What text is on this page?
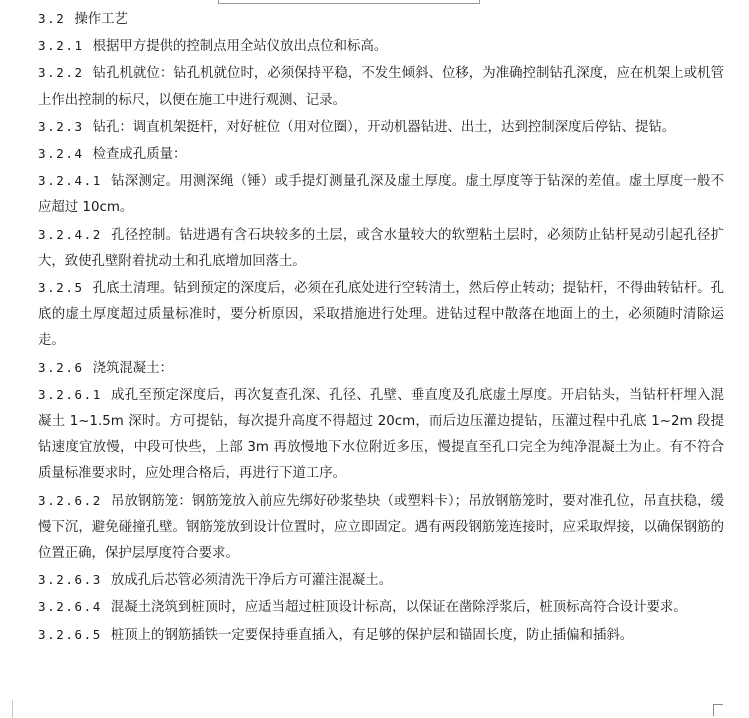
3.2 操作工艺

3.2.1 根据甲方提供的控制点用全站仪放出点位和标高。

3.2.2 钻孔机就位：钻孔机就位时，必须保持平稳，不发生倾斜、位移，为准确控制钻孔深度，应在机架上或机管上作出控制的标尺，以便在施工中进行观测、记录。

3.2.3 钻孔：调直机架挺杆，对好桩位（用对位圈），开动机器钻进、出土，达到控制深度后停钻、提钻。

3.2.4 检查成孔质量：

3.2.4.1 钻深测定。用测深绳（锤）或手提灯测量孔深及虚土厚度。虚土厚度等于钻深的差值。虚土厚度一般不应超过 10cm。

3.2.4.2 孔径控制。钻进遇有含石块较多的土层，或含水量较大的软塑粘土层时，必须防止钻杆晃动引起孔径扩大，致使孔壁附着扰动土和孔底增加回落土。

3.2.5 孔底土清理。钻到预定的深度后，必须在孔底处进行空转清土，然后停止转动；提钻杆，不得曲转钻杆。孔底的虚土厚度超过质量标准时，要分析原因，采取措施进行处理。进钻过程中散落在地面上的土，必须随时清除运走。

3.2.6 浇筑混凝土：

3.2.6.1 成孔至预定深度后，再次复查孔深、孔径、孔壁、垂直度及孔底虚土厚度。开启钻头，当钻杆杆埋入混凝土 1~1.5m 深时。方可提钻，每次提升高度不得超过 20cm，而后边压灌边提钻，压灌过程中孔底 1~2m 段提钻速度宜放慢，中段可快些，上部 3m 再放慢地下水位附近多压，慢提直至孔口完全为纯净混凝土为止。有不符合质量标准要求时，应处理合格后，再进行下道工序。

3.2.6.2 吊放钢筋笼：钢筋笼放入前应先绑好砂浆垫块（或塑料卡）；吊放钢筋笼时，要对准孔位，吊直扶稳，缓慢下沉，避免碰撞孔壁。钢筋笼放到设计位置时，应立即固定。遇有两段钢筋笼连接时，应采取焊接，以确保钢筋的位置正确，保护层厚度符合要求。

3.2.6.3 放成孔后芯管必须清洗干净后方可灌注混凝土。

3.2.6.4 混凝土浇筑到桩顶时，应适当超过桩顶设计标高，以保证在凿除浮浆后，桩顶标高符合设计要求。

3.2.6.5 桩顶上的钢筋插铁一定要保持垂直插入，有足够的保护层和锚固长度，防止插偏和插斜。
